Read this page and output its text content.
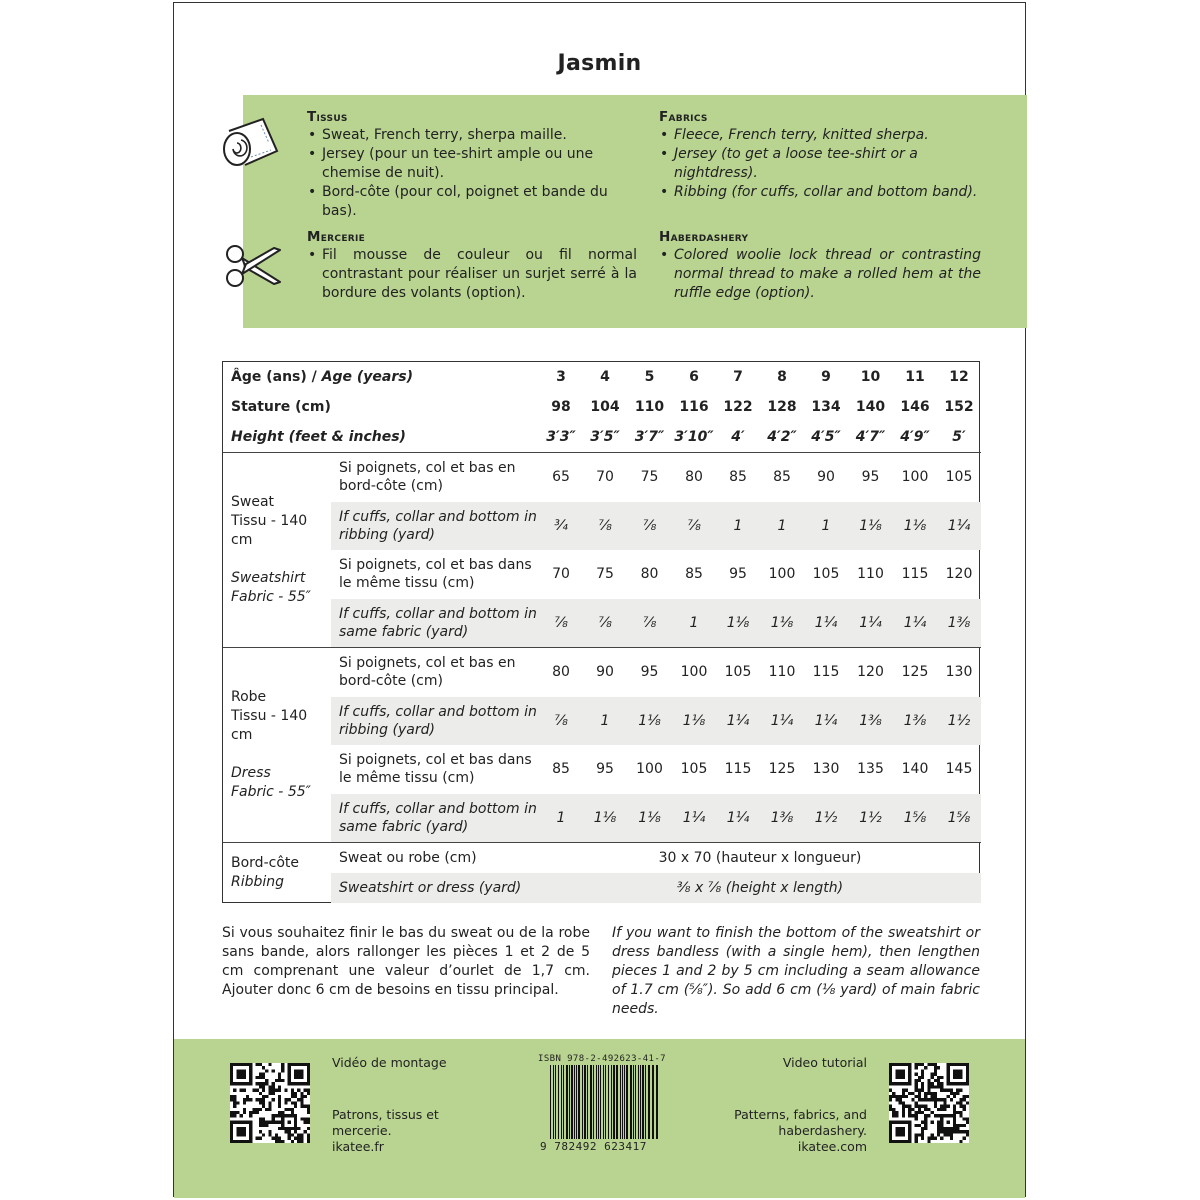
Jasmin
Tissus
• Sweat, French terry, sherpa maille.
• Jersey (pour un tee-shirt ample ou une chemise de nuit).
• Bord-côte (pour col, poignet et bande du bas).
Fabrics
• Fleece, French terry, knitted sherpa.
• Jersey (to get a loose tee-shirt or a nightdress).
• Ribbing (for cuffs, collar and bottom band).
Mercerie
• Fil mousse de couleur ou fil normal contrastant pour réaliser un surjet serré à la bordure des volants (option).
Haberdashery
• Colored woolie lock thread or contrasting normal thread to make a rolled hem at the ruffle edge (option).
Âge (ans) / Age (years)		3	4	5	6	7	8	9	10	11	12
Stature (cm)		98	104	110	116	122	128	134	140	146	152
Height (feet & inches)		3′3″	3′5″	3′7″	3′10″	4′	4′2″	4′5″	4′7″	4′9″	5′
Sweat
Tissu - 140 cm

Sweatshirt
Fabric - 55″	Si poignets, col et bas en bord-côte (cm)	65	70	75	80	85	85	90	95	100	105
	If cuffs, collar and bottom in ribbing (yard)	¾	⅞	⅞	⅞	1	1	1	1⅛	1⅛	1¼
	Si poignets, col et bas dans le même tissu (cm)	70	75	80	85	95	100	105	110	115	120
	If cuffs, collar and bottom in same fabric (yard)	⅞	⅞	⅞	1	1⅛	1⅛	1¼	1¼	1¼	1⅜
Robe
Tissu - 140 cm

Dress
Fabric - 55″	Si poignets, col et bas en bord-côte (cm)	80	90	95	100	105	110	115	120	125	130
	If cuffs, collar and bottom in ribbing (yard)	⅞	1	1⅛	1⅛	1¼	1¼	1¼	1⅜	1⅜	1½
	Si poignets, col et bas dans le même tissu (cm)	85	95	100	105	115	125	130	135	140	145
	If cuffs, collar and bottom in same fabric (yard)	1	1⅛	1⅛	1¼	1¼	1⅜	1½	1½	1⅝	1⅝
Bord-côte
Ribbing	Sweat ou robe (cm)	30 x 70 (hauteur x longueur)									
	Sweatshirt or dress (yard)	⅜ x ⅞ (height x length)									
Si vous souhaitez finir le bas du sweat ou de la robe sans bande, alors rallonger les pièces 1 et 2 de 5 cm comprenant une valeur d’ourlet de 1,7 cm. Ajouter donc 6 cm de besoins en tissu principal.
If you want to finish the bottom of the sweatshirt or dress bandless (with a single hem), then lengthen pieces 1 and 2 by 5 cm including a seam allowance of 1.7 cm (⅝″). So add 6 cm (⅛ yard) of main fabric needs.
Vidéo de montage
Patrons, tissus et
mercerie.
ikatee.fr
ISBN 978-2-492623-41-7
9 782492 623417
Video tutorial
Patterns, fabrics, and
haberdashery.
ikatee.com
